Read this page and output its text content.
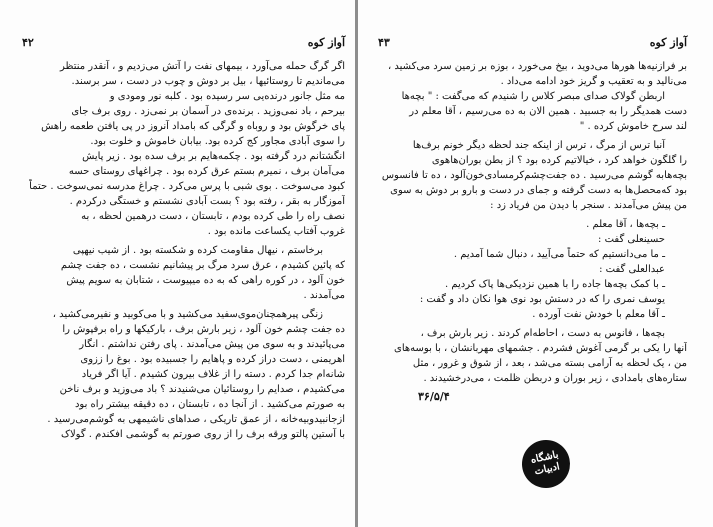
۴۲	آواز کوه

اگر گرگ حمله می‌آورد ، بیمهای نفت را آتش می‌زدیم و ، آنقدر منتظر
می‌ماندیم تا روستائیها ، بیل بر دوش و چوب در دست ، سر برسند.
مه مثل جانور درنده‌یی سر رسیده بود . کلبه نور ومودی و
بیرحم ، باد نمی‌وزید . برنده‌ی در آسمان بر نمی‌زد . روی برف جای
پای خرگوش بود و روباه و گرگی که بامداد آنروز در پی یافتن طعمه راهش
را سوی آبادی مجاور کج کرده بود. بیابان خاموش و خلوت بود.
انگشتانم درد گرفته بود . چکمه‌هایم بر برف سده بود . زیر پایش
می‌آمان برف ، نمیرم بستم عرق کرده بود . چراغهای روستای حسه
کبود می‌سوخت . بوی شبی با پرس می‌کرد . چراغ مدرسه نمی‌سوخت . حتماً
آموزگار به بقر ، رفته بود ؟ بست آبادی نشستم و خستگی درکردم .
نصف راه را طی کرده بودم ، تابستان ، دست درهمین لحظه ، به
غروب آفتاب یکساعت مانده بود .

برخاستم ، نیهال مقاومت کرده و شکسته بود . از شیب نیهپی
که پائین کشیدم ، عرق سرد مرگ بر پیشانیم نشست ، ده جفت چشم
خون آلود ، در کوره راهی که به ده میپیوست ، شتابان به سویم پیش
می‌آمدند .

زنگی پیرهمچنان‌موی‌سفید می‌کشید و با می‌کوبید و نفیرمی‌کشید ،
ده جفت چشم خون آلود ، زیر بارش برف ، بارکیکها و راه برفپوش را
می‌پائیدند و به سوی من پیش می‌آمدند . پای رفتن نداشتم . انگار
اهریمنی ، دست دراز کرده و پاهایم را جسبیده بود . بوغ را ززوی
شانه‌ام جدا کردم . دسته را از غلاف بیرون کشیدم . آیا اگر فریاد
می‌کشیدم ، صدایم را روستائیان می‌شنیدند ؟ باد می‌وزید و برف ناخن
به صورتم می‌کشید . از آنجا ده ، تابستان ، ده دقیقه بیشتر راه بود
ازجانبیدوبیه‌خانه ، از عمق تاریکی ، صداهای ناشیمهی به گوشم‌می‌رسید .
با آستین پالتو ورقه برف را از روی صورتم به گوشمی افکندم . گولاک

۴۳	آواز کوه

بر فرازنیه‌ها هورها می‌دوید ، بیخ می‌خورد ، بوزه بر زمین سرد می‌کشید ،
می‌نالید و به تعقیب و گریز خود ادامه می‌داد .
اربطن گولاک صدای مبصر کلاس را شنیدم که می‌گفت : " بچه‌ها
دست همدیگر را به جسبید . همین الان به ده می‌رسیم ، آقا معلم در
لند سرح خاموش کرده . "

آنبا ترس از مرگ ، ترس از اینکه جند لحظه دیگر خونم برف‌ها
را گلگون خواهد کرد ، خیالاتیم کرده بود ؟ از بطن بوران‌هاهوی
بچه‌هابه گوشم می‌رسید . ده جفت‌چشم‌کرمسادی‌خون‌آلود ، ده تا فانسوس
بود که‌محصل‌ها به دست گرفته و جمای در دست و بارو بر دوش به سوی
من پیش می‌آمدند . سنجر با دیدن من فریاد زد :

ـ بچه‌ها ، آقا معلم .
حسینعلی گفت :
ـ ما می‌دانستیم که حتماً می‌آیید ، دنبال شما آمدیم .
عبدالعلی گفت :
ـ با کمک بچه‌ها جاده را با همین نزدیکی‌ها پاک کردیم .
یوسف نمری را که در دستش بود نوی هوا نکان داد و گفت :
ـ آقا معلم با خودش نفت آورده .

بچه‌ها ، فانوس به دست ، احاطه‌ام کردند . زیر بارش برف ،
آنها را یکی بر گرمی آغوش فشردم . جشمهای مهربانشان ، با بوسه‌های
من ، یک لحظه به آرامی بسته می‌شد ، بعد ، از شوق و غرور ، مثل
ستاره‌های بامدادی ، زیر بوران و دربطن ظلمت ، می‌درخشیدند .

۳۶/۵/۴
باشگاه ادبیات
